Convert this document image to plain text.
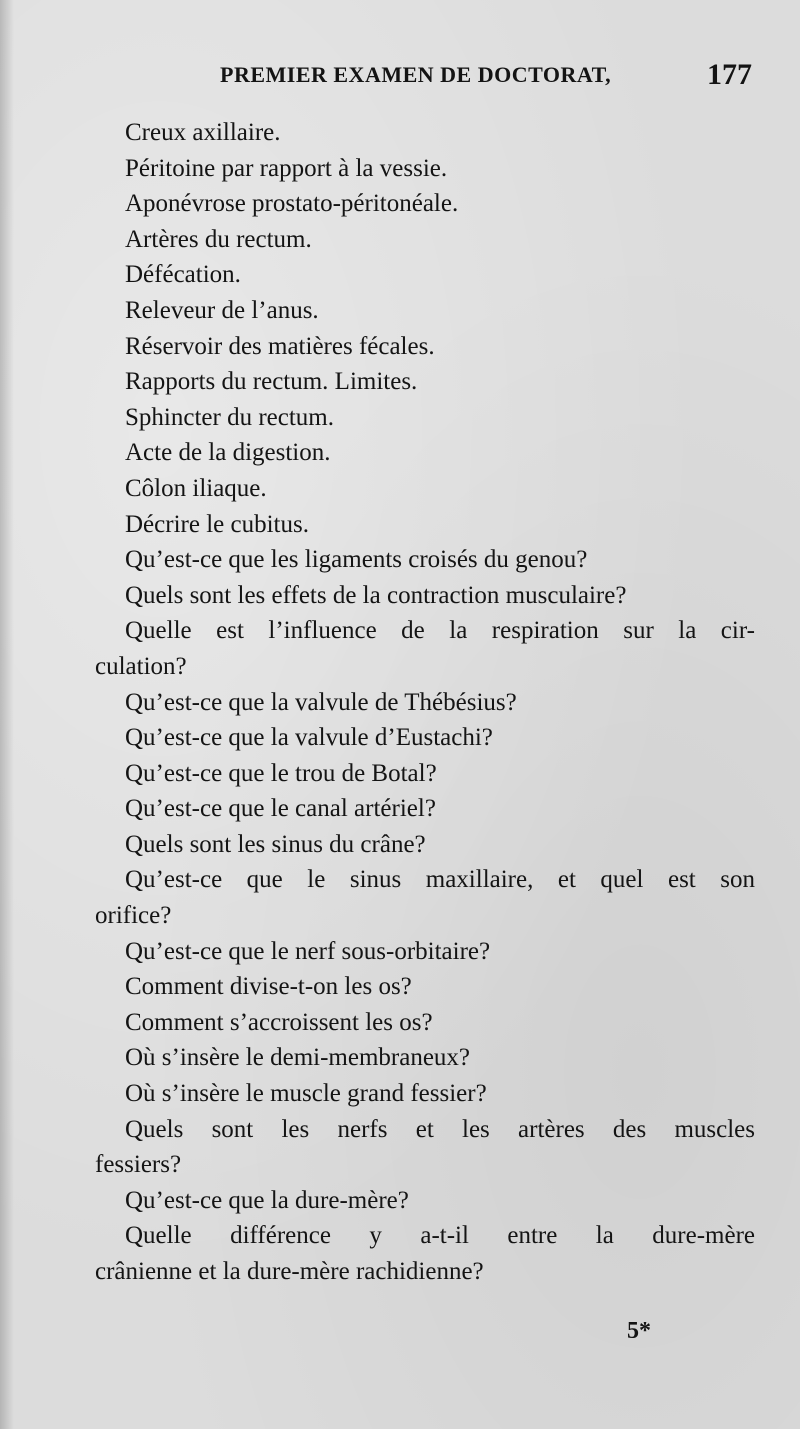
PREMIER EXAMEN DE DOCTORAT,	177
Creux axillaire.
Péritoine par rapport à la vessie.
Aponévrose prostato-péritonéale.
Artères du rectum.
Défécation.
Releveur de l’anus.
Réservoir des matières fécales.
Rapports du rectum. Limites.
Sphincter du rectum.
Acte de la digestion.
Côlon iliaque.
Décrire le cubitus.
Qu’est-ce que les ligaments croisés du genou?
Quels sont les effets de la contraction musculaire?
Quelle est l’influence de la respiration sur la cir-
culation?
Qu’est-ce que la valvule de Thébésius?
Qu’est-ce que la valvule d’Eustachi?
Qu’est-ce que le trou de Botal?
Qu’est-ce que le canal artériel?
Quels sont les sinus du crâne?
Qu’est-ce que le sinus maxillaire, et quel est son
orifice?
Qu’est-ce que le nerf sous-orbitaire?
Comment divise-t-on les os?
Comment s’accroissent les os?
Où s’insère le demi-membraneux?
Où s’insère le muscle grand fessier?
Quels sont les nerfs et les artères des muscles
fessiers?
Qu’est-ce que la dure-mère?
Quelle différence y a-t-il entre la dure-mère
crânienne et la dure-mère rachidienne?
5*
